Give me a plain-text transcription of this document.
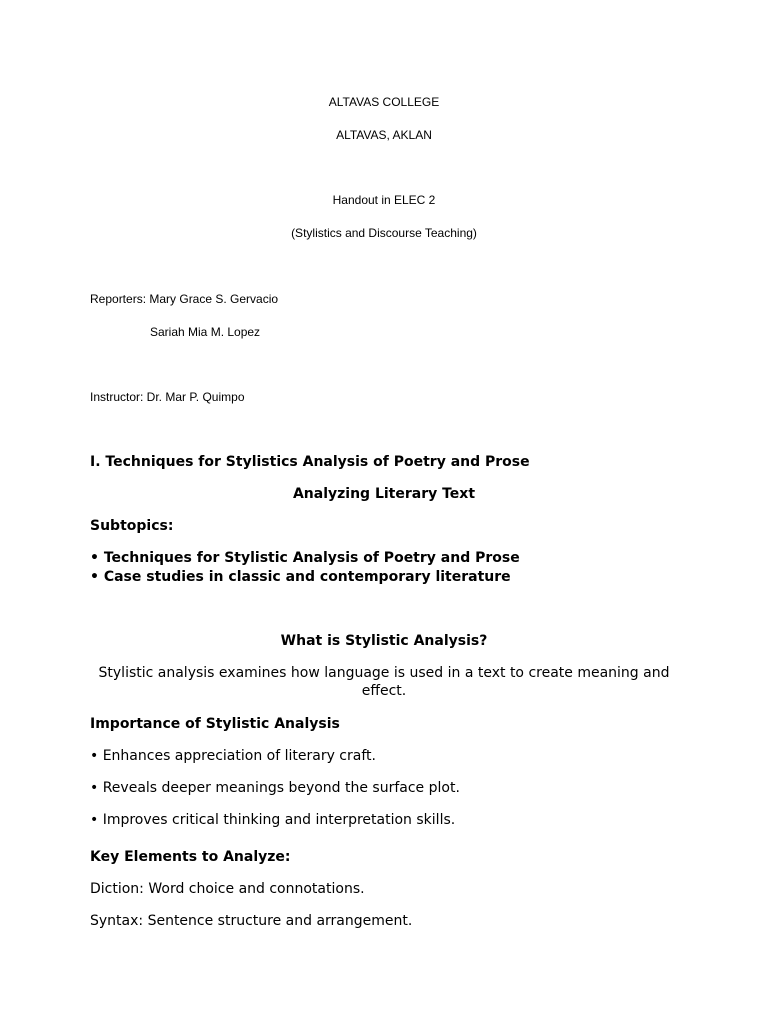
ALTAVAS COLLEGE
ALTAVAS, AKLAN
Handout in ELEC 2
(Stylistics and Discourse Teaching)
Reporters: Mary Grace S. Gervacio
Sariah Mia M. Lopez
Instructor: Dr. Mar P. Quimpo
I. Techniques for Stylistics Analysis of Poetry and Prose
Analyzing Literary Text
Subtopics:
• Techniques for Stylistic Analysis of Poetry and Prose
• Case studies in classic and contemporary literature
What is Stylistic Analysis?
Stylistic analysis examines how language is used in a text to create meaning and effect.
Importance of Stylistic Analysis
• Enhances appreciation of literary craft.
• Reveals deeper meanings beyond the surface plot.
• Improves critical thinking and interpretation skills.
Key Elements to Analyze:
Diction: Word choice and connotations.
Syntax: Sentence structure and arrangement.
